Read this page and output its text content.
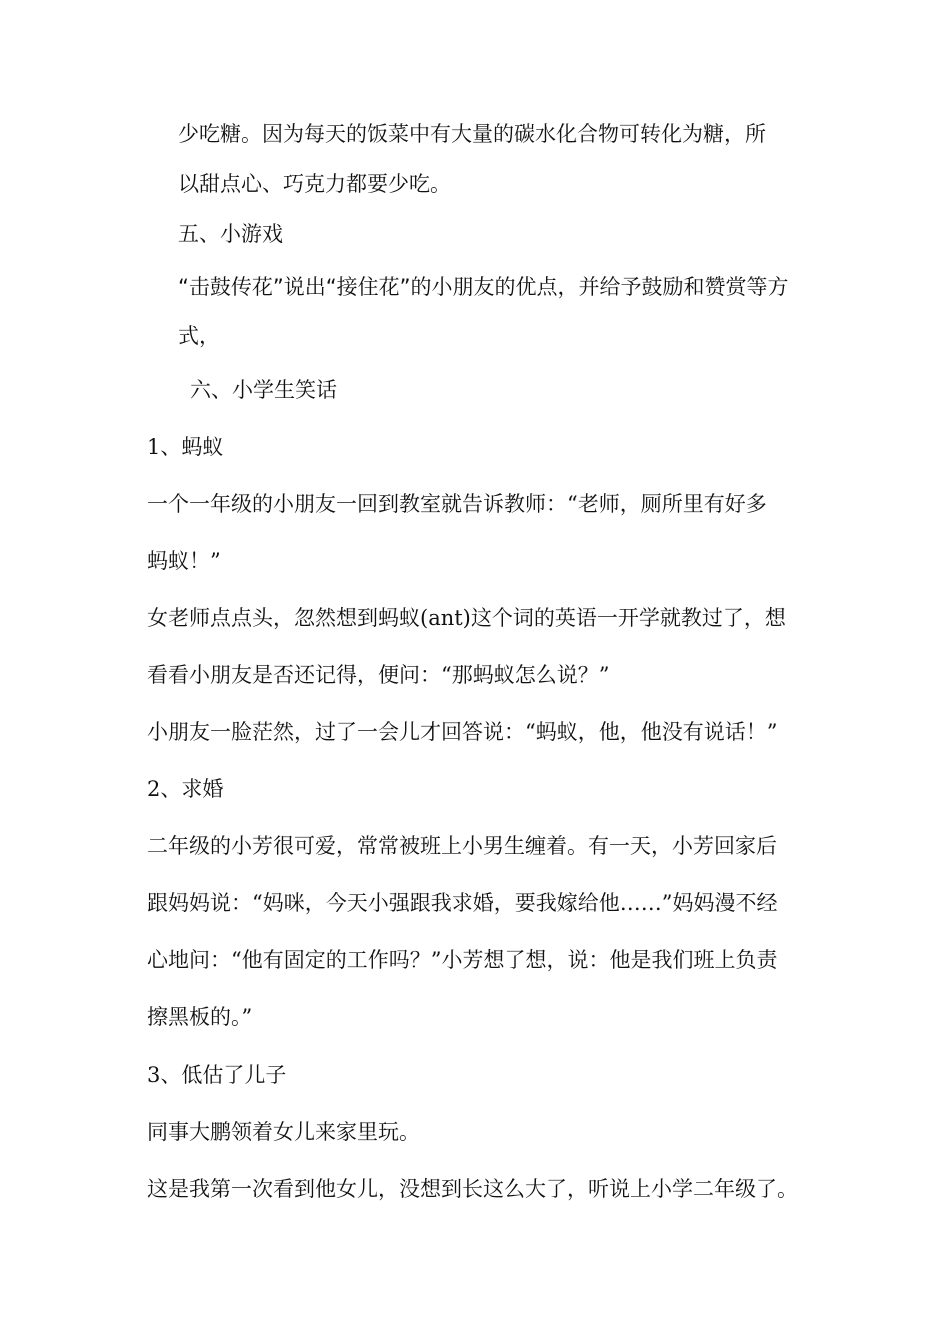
少吃糖。因为每天的饭菜中有大量的碳水化合物可转化为糖，所
以甜点心、巧克力都要少吃。
五、小游戏
“击鼓传花”说出“接住花”的小朋友的优点，并给予鼓励和赞赏等方
式，
六、小学生笑话
1、蚂蚁
一个一年级的小朋友一回到教室就告诉教师：“老师，厕所里有好多
蚂蚁！”
女老师点点头，忽然想到蚂蚁(ant)这个词的英语一开学就教过了，想
看看小朋友是否还记得，便问：“那蚂蚁怎么说？”
小朋友一脸茫然，过了一会儿才回答说：“蚂蚁，他，他没有说话！”
2、求婚
二年级的小芳很可爱，常常被班上小男生缠着。有一天，小芳回家后
跟妈妈说：“妈咪，今天小强跟我求婚，要我嫁给他……”妈妈漫不经
心地问：“他有固定的工作吗？”小芳想了想，说：他是我们班上负责
擦黑板的。”
3、低估了儿子
同事大鹏领着女儿来家里玩。
这是我第一次看到他女儿，没想到长这么大了，听说上小学二年级了。
